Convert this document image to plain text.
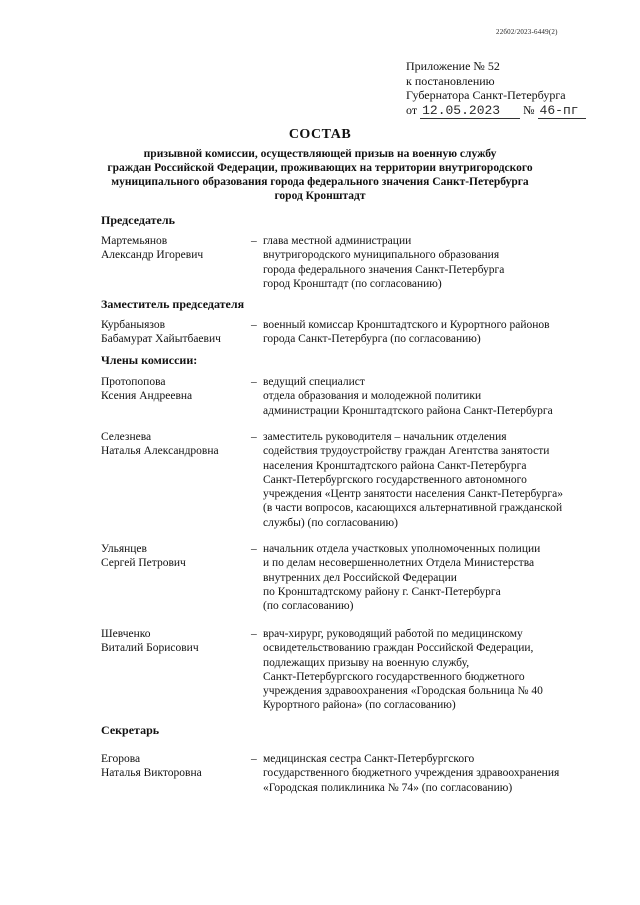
22б02/2023-6449(2)
Приложение № 52
к постановлению
Губернатора Санкт-Петербурга
от 12.05.2023 № 46-пг
СОСТАВ
призывной комиссии, осуществляющей призыв на военную службу
граждан Российской Федерации, проживающих на территории внутригородского
муниципального образования города федерального значения Санкт-Петербурга
город Кронштадт
Председатель
Мартемьянов
Александр Игоревич
– глава местной администрации
внутригородского муниципального образования
города федерального значения Санкт-Петербурга
город Кронштадт (по согласованию)
Заместитель председателя
Курбаныязов
Бабамурат Хайытбаевич
– военный комиссар Кронштадтского и Курортного районов
города Санкт-Петербурга (по согласованию)
Члены комиссии:
Протопопова
Ксения Андреевна
– ведущий специалист
отдела образования и молодежной политики
администрации Кронштадтского района Санкт-Петербурга
Селезнева
Наталья Александровна
– заместитель руководителя – начальник отделения
содействия трудоустройству граждан Агентства занятости
населения Кронштадтского района Санкт-Петербурга
Санкт-Петербургского государственного автономного
учреждения «Центр занятости населения Санкт-Петербурга»
(в части вопросов, касающихся альтернативной гражданской
службы) (по согласованию)
Ульянцев
Сергей Петрович
– начальник отдела участковых уполномоченных полиции
и по делам несовершеннолетних Отдела Министерства
внутренних дел Российской Федерации
по Кронштадтскому району г. Санкт-Петербурга
(по согласованию)
Шевченко
Виталий Борисович
– врач-хирург, руководящий работой по медицинскому
освидетельствованию граждан Российской Федерации,
подлежащих призыву на военную службу,
Санкт-Петербургского государственного бюджетного
учреждения здравоохранения «Городская больница № 40
Курортного района» (по согласованию)
Секретарь
Егорова
Наталья Викторовна
– медицинская сестра Санкт-Петербургского
государственного бюджетного учреждения здравоохранения
«Городская поликлиника № 74» (по согласованию)
